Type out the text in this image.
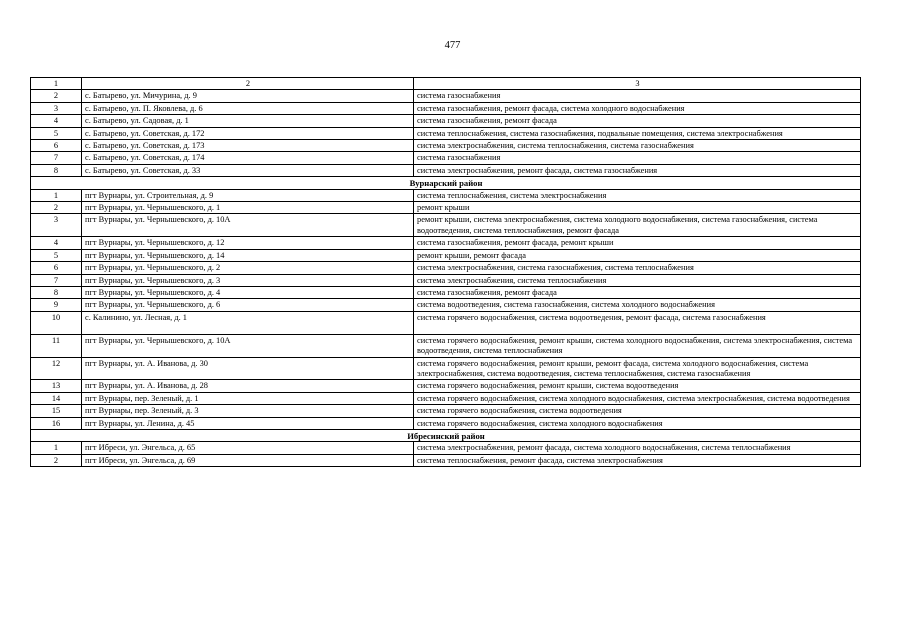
477
1	2	3
2	с. Батырево, ул. Мичурина, д. 9	система газоснабжения
3	с. Батырево, ул. П. Яковлева, д. 6	система газоснабжения, ремонт фасада, система холодного водоснабжения
4	с. Батырево, ул. Садовая, д. 1	система газоснабжения, ремонт фасада
5	с. Батырево, ул. Советская, д. 172	система теплоснабжения, система газоснабжения, подвальные помещения, система электроснабжения
6	с. Батырево, ул. Советская, д. 173	система электроснабжения, система теплоснабжения, система газоснабжения
7	с. Батырево, ул. Советская, д. 174	система газоснабжения
8	с. Батырево, ул. Советская, д. 33	система электроснабжения, ремонт фасада, система газоснабжения
Вурнарский район		
1	пгт Вурнары, ул. Строительная, д. 9	система теплоснабжения, система электроснабжения
2	пгт Вурнары, ул. Чернышевского, д. 1	ремонт крыши
3	пгт Вурнары, ул. Чернышевского, д. 10А	ремонт крыши, система электроснабжения, система холодного водоснабжения, система газоснабжения, система водоотведения, система теплоснабжения, ремонт фасада
4	пгт Вурнары, ул. Чернышевского, д. 12	система газоснабжения, ремонт фасада, ремонт крыши
5	пгт Вурнары, ул. Чернышевского, д. 14	ремонт крыши, ремонт фасада
6	пгт Вурнары, ул. Чернышевского, д. 2	система электроснабжения, система газоснабжения, система теплоснабжения
7	пгт Вурнары, ул. Чернышевского, д. 3	система электроснабжения, система теплоснабжения
8	пгт Вурнары, ул. Чернышевского, д. 4	система газоснабжения, ремонт фасада
9	пгт Вурнары, ул. Чернышевского, д. 6	система водоотведения, система газоснабжения, система холодного водоснабжения
10	с. Калинино, ул. Лесная, д. 1	система горячего водоснабжения, система водоотведения, ремонт фасада, система газоснабжения
11	пгт Вурнары, ул. Чернышевского, д. 10А	система горячего водоснабжения, ремонт крыши, система холодного водоснабжения, система электроснабжения, система водоотведения, система теплоснабжения
12	пгт Вурнары, ул. А. Иванова, д. 30	система горячего водоснабжения, ремонт крыши, ремонт фасада, система холодного водоснабжения, система электроснабжения, система водоотведения, система теплоснабжения, система газоснабжения
13	пгт Вурнары, ул. А. Иванова, д. 28	система горячего водоснабжения, ремонт крыши, система водоотведения
14	пгт Вурнары, пер. Зеленый, д. 1	система горячего водоснабжения, система холодного водоснабжения, система электроснабжения, система водоотведения
15	пгт Вурнары, пер. Зеленый, д. 3	система горячего водоснабжения, система водоотведения
16	пгт Вурнары, ул. Ленина, д. 45	система горячего водоснабжения, система холодного водоснабжения
Ибресинский район		
1	пгт Ибреси, ул. Энгельса, д. 65	система электроснабжения, ремонт фасада, система холодного водоснабжения, система теплоснабжения
2	пгт Ибреси, ул. Энгельса, д. 69	система теплоснабжения, ремонт фасада, система электроснабжения
